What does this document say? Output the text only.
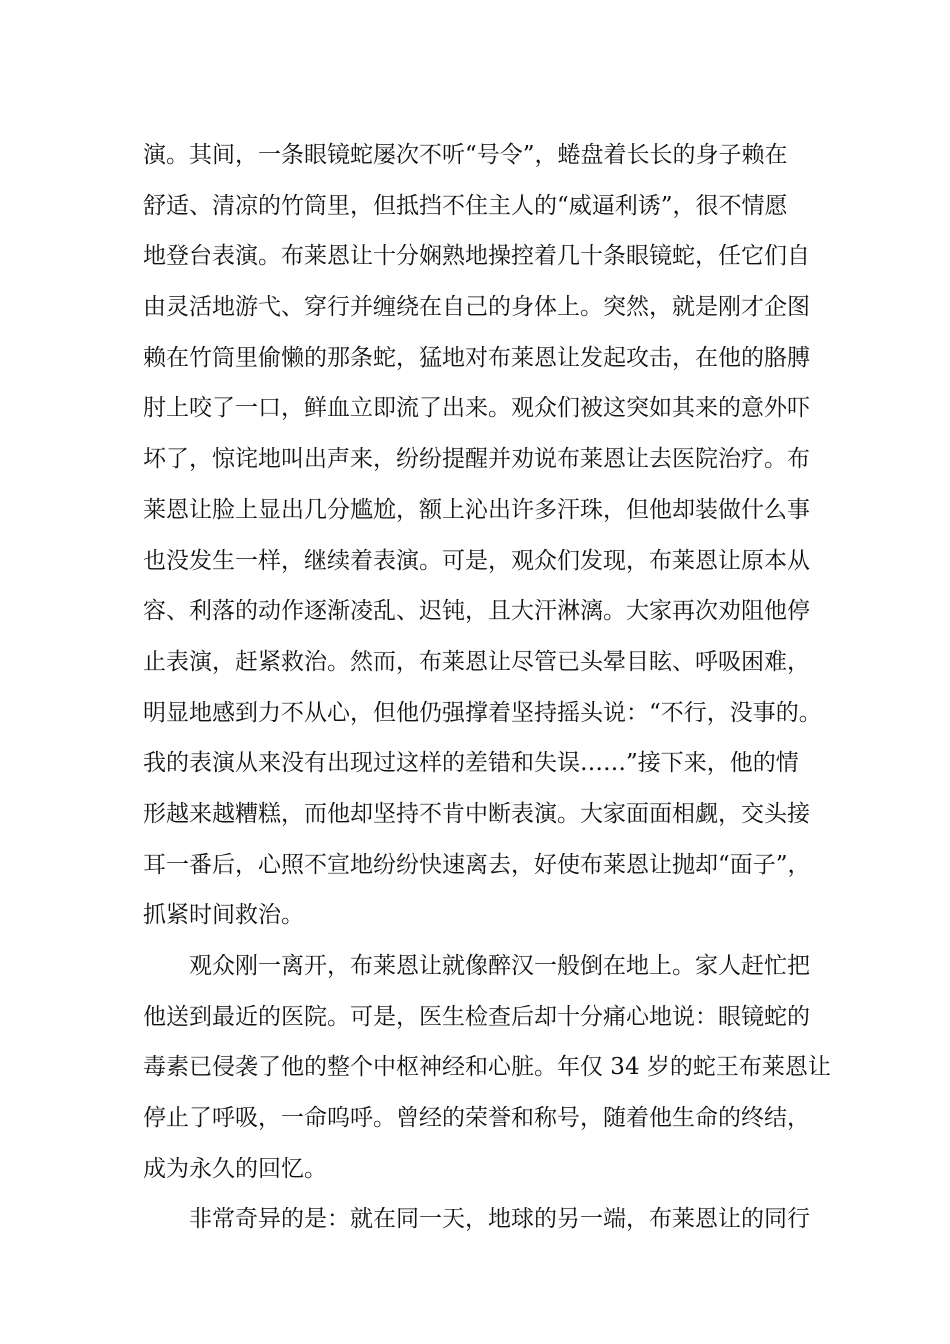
演。其间，一条眼镜蛇屡次不听“号令”，蜷盘着长长的身子赖在
舒适、清凉的竹筒里，但抵挡不住主人的“威逼利诱”，很不情愿
地登台表演。布莱恩让十分娴熟地操控着几十条眼镜蛇，任它们自
由灵活地游弋、穿行并缠绕在自己的身体上。突然，就是刚才企图
赖在竹筒里偷懒的那条蛇，猛地对布莱恩让发起攻击，在他的胳膊
肘上咬了一口，鲜血立即流了出来。观众们被这突如其来的意外吓
坏了，惊诧地叫出声来，纷纷提醒并劝说布莱恩让去医院治疗。布
莱恩让脸上显出几分尴尬，额上沁出许多汗珠，但他却装做什么事
也没发生一样，继续着表演。可是，观众们发现，布莱恩让原本从
容、利落的动作逐渐凌乱、迟钝，且大汗淋漓。大家再次劝阻他停
止表演，赶紧救治。然而，布莱恩让尽管已头晕目眩、呼吸困难，
明显地感到力不从心，但他仍强撑着坚持摇头说：“不行，没事的。
我的表演从来没有出现过这样的差错和失误……”接下来，他的情
形越来越糟糕，而他却坚持不肯中断表演。大家面面相觑，交头接
耳一番后，心照不宣地纷纷快速离去，好使布莱恩让抛却“面子”，
抓紧时间救治。
观众刚一离开，布莱恩让就像醉汉一般倒在地上。家人赶忙把
他送到最近的医院。可是，医生检查后却十分痛心地说：眼镜蛇的
毒素已侵袭了他的整个中枢神经和心脏。年仅 34 岁的蛇王布莱恩让
停止了呼吸，一命呜呼。曾经的荣誉和称号，随着他生命的终结，
成为永久的回忆。
非常奇异的是：就在同一天，地球的另一端，布莱恩让的同行
